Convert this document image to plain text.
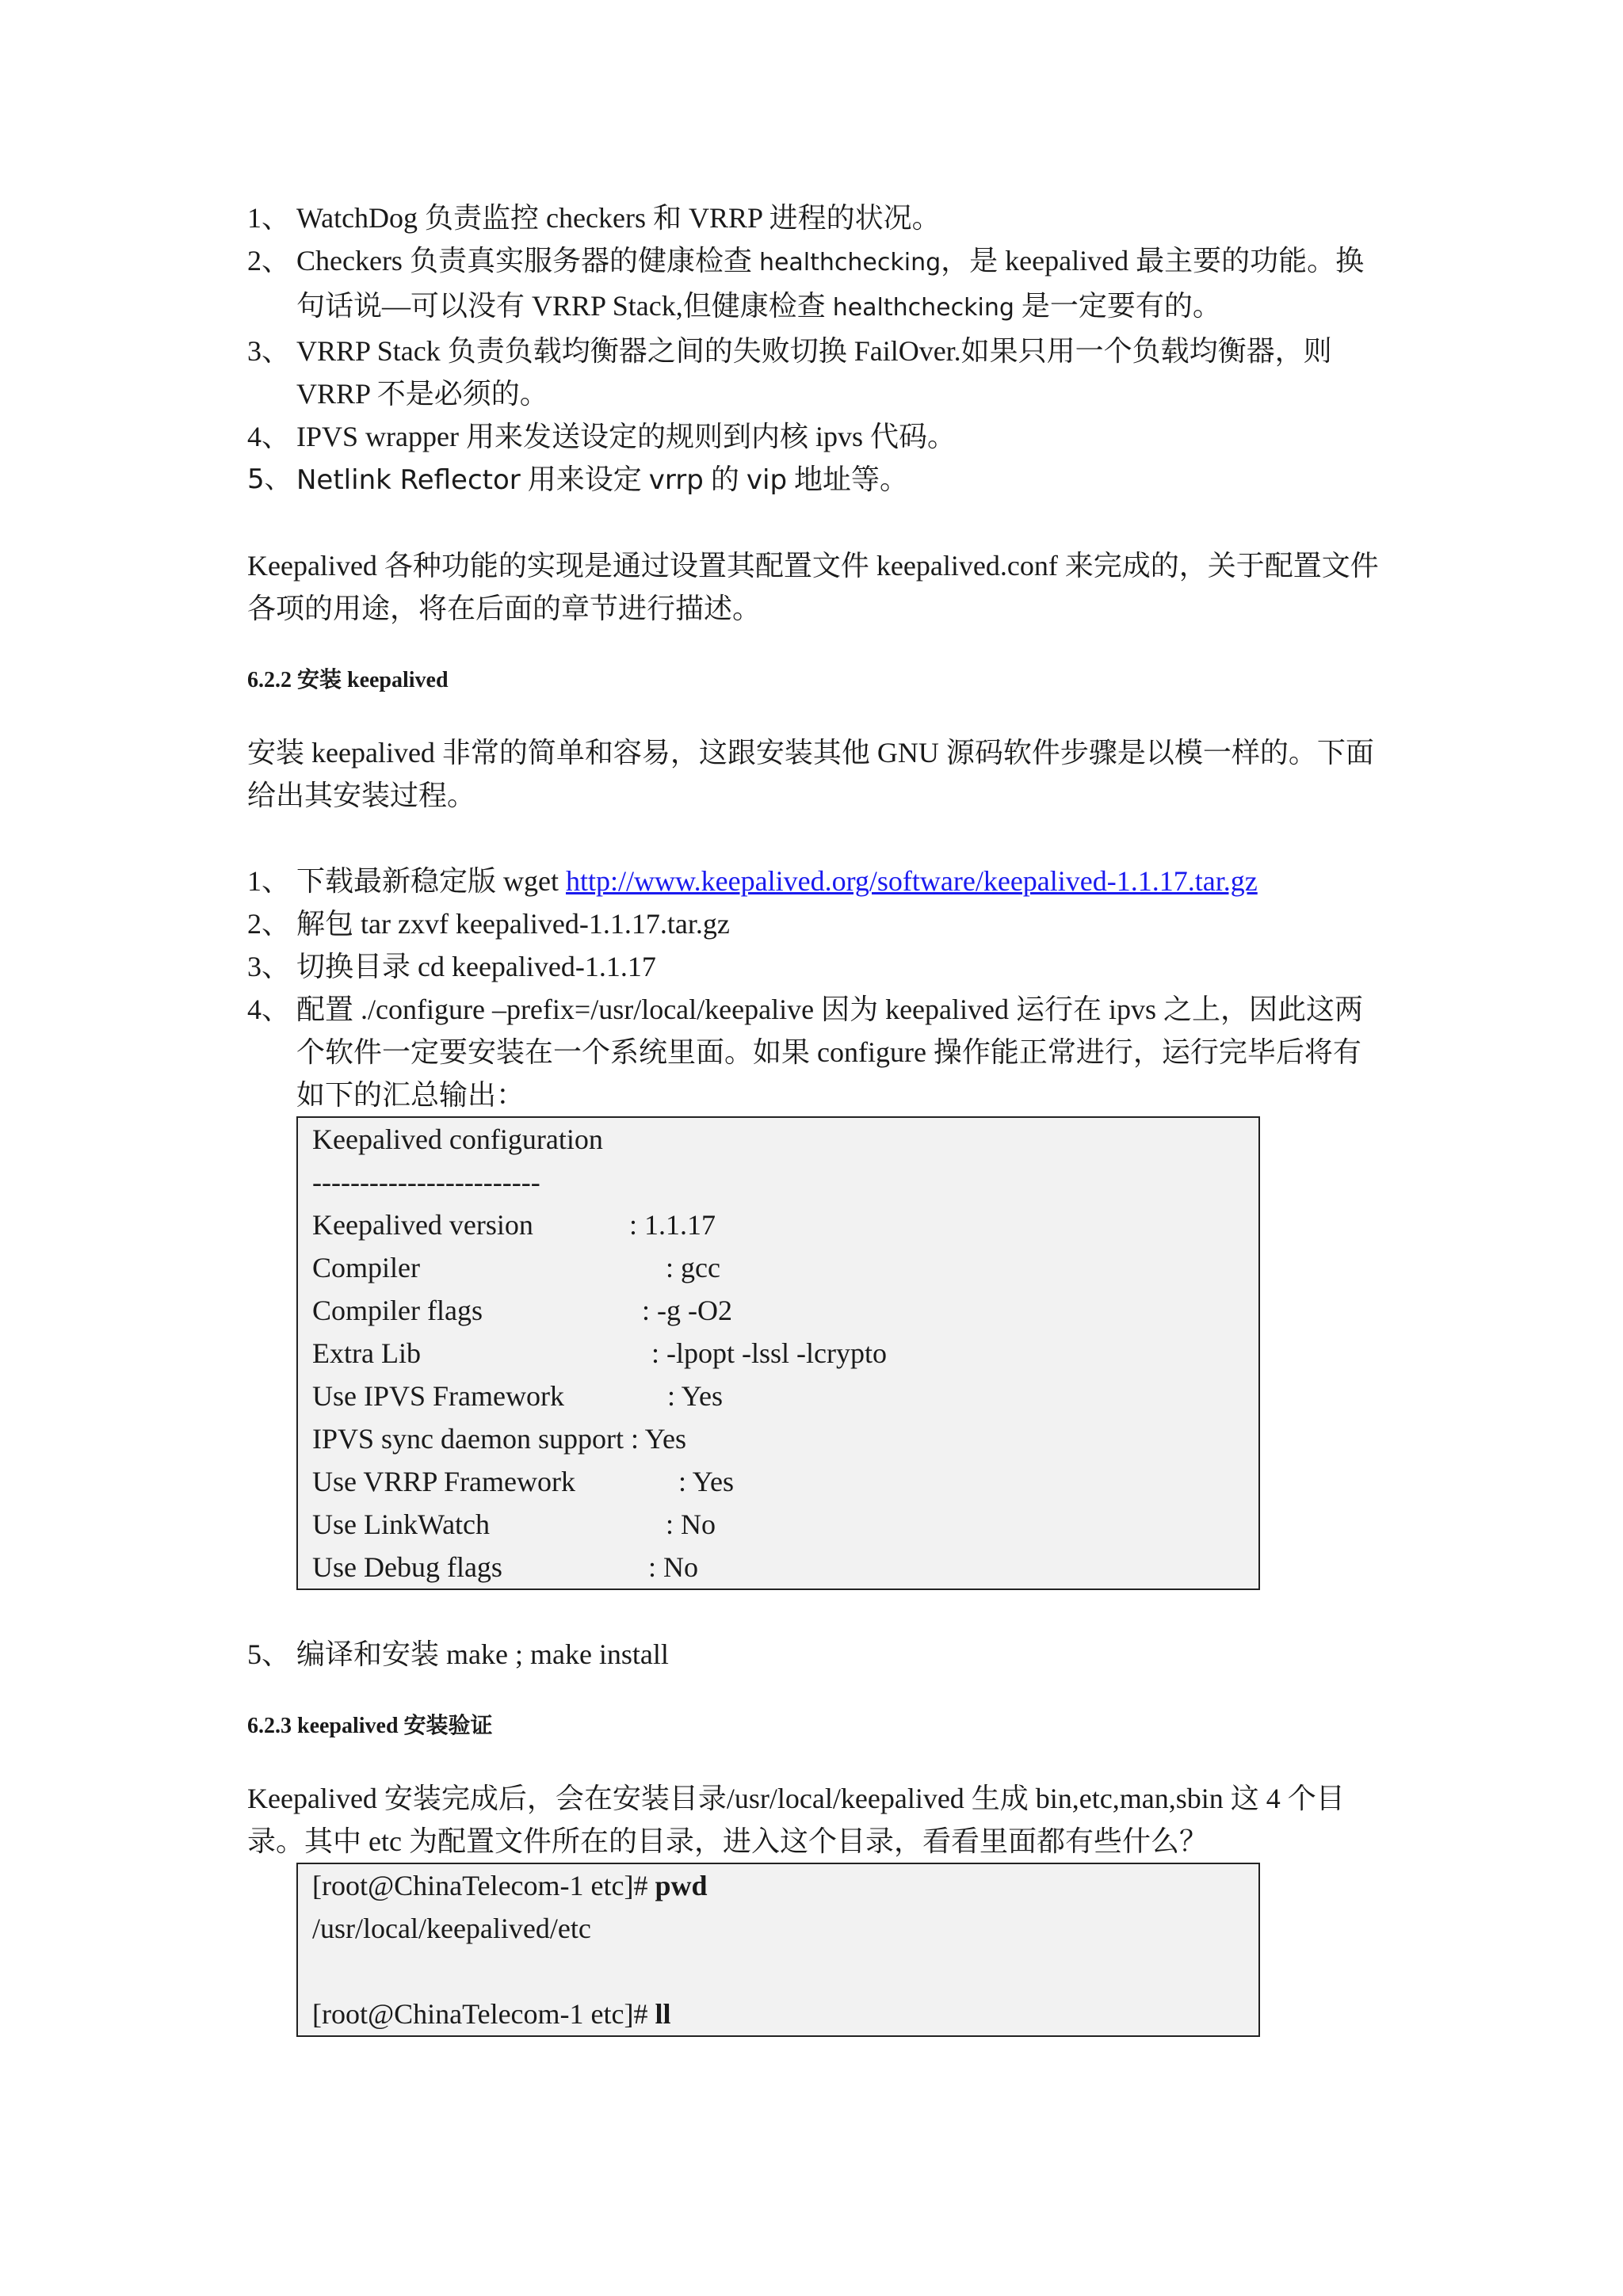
1、 WatchDog 负责监控 checkers 和 VRRP 进程的状况。

2、 Checkers 负责真实服务器的健康检查 healthchecking，是 keepalived 最主要的功能。换句话说—可以没有 VRRP Stack,但健康检查 healthchecking 是一定要有的。

3、 VRRP Stack 负责负载均衡器之间的失败切换 FailOver.如果只用一个负载均衡器，则 VRRP 不是必须的。

4、 IPVS wrapper 用来发送设定的规则到内核 ipvs 代码。

5、 Netlink Reflector 用来设定 vrrp 的 vip 地址等。

Keepalived 各种功能的实现是通过设置其配置文件 keepalived.conf 来完成的，关于配置文件各项的用途，将在后面的章节进行描述。

6.2.2 安装 keepalived

安装 keepalived 非常的简单和容易，这跟安装其他 GNU 源码软件步骤是以模一样的。下面给出其安装过程。

1、 下载最新稳定版 wget http://www.keepalived.org/software/keepalived-1.1.17.tar.gz

2、 解包 tar zxvf keepalived-1.1.17.tar.gz

3、 切换目录 cd keepalived-1.1.17

4、 配置 ./configure –prefix=/usr/local/keepalive 因为 keepalived 运行在 ipvs 之上，因此这两个软件一定要安装在一个系统里面。如果 configure 操作能正常进行，运行完毕后将有如下的汇总输出：

Keepalived configuration
------------------------
Keepalived version	: 1.1.17
Compiler	: gcc
Compiler flags	: -g -O2
Extra Lib	: -lpopt -lssl -lcrypto
Use IPVS Framework	: Yes
IPVS sync daemon support : Yes
Use VRRP Framework	: Yes
Use LinkWatch	: No
Use Debug flags	: No

5、 编译和安装 make ; make install

6.2.3 keepalived 安装验证

Keepalived 安装完成后，会在安装目录/usr/local/keepalived 生成 bin,etc,man,sbin 这 4 个目录。其中 etc 为配置文件所在的目录，进入这个目录，看看里面都有些什么？

[root@ChinaTelecom-1 etc]# pwd
/usr/local/keepalived/etc
[root@ChinaTelecom-1 etc]# ll
